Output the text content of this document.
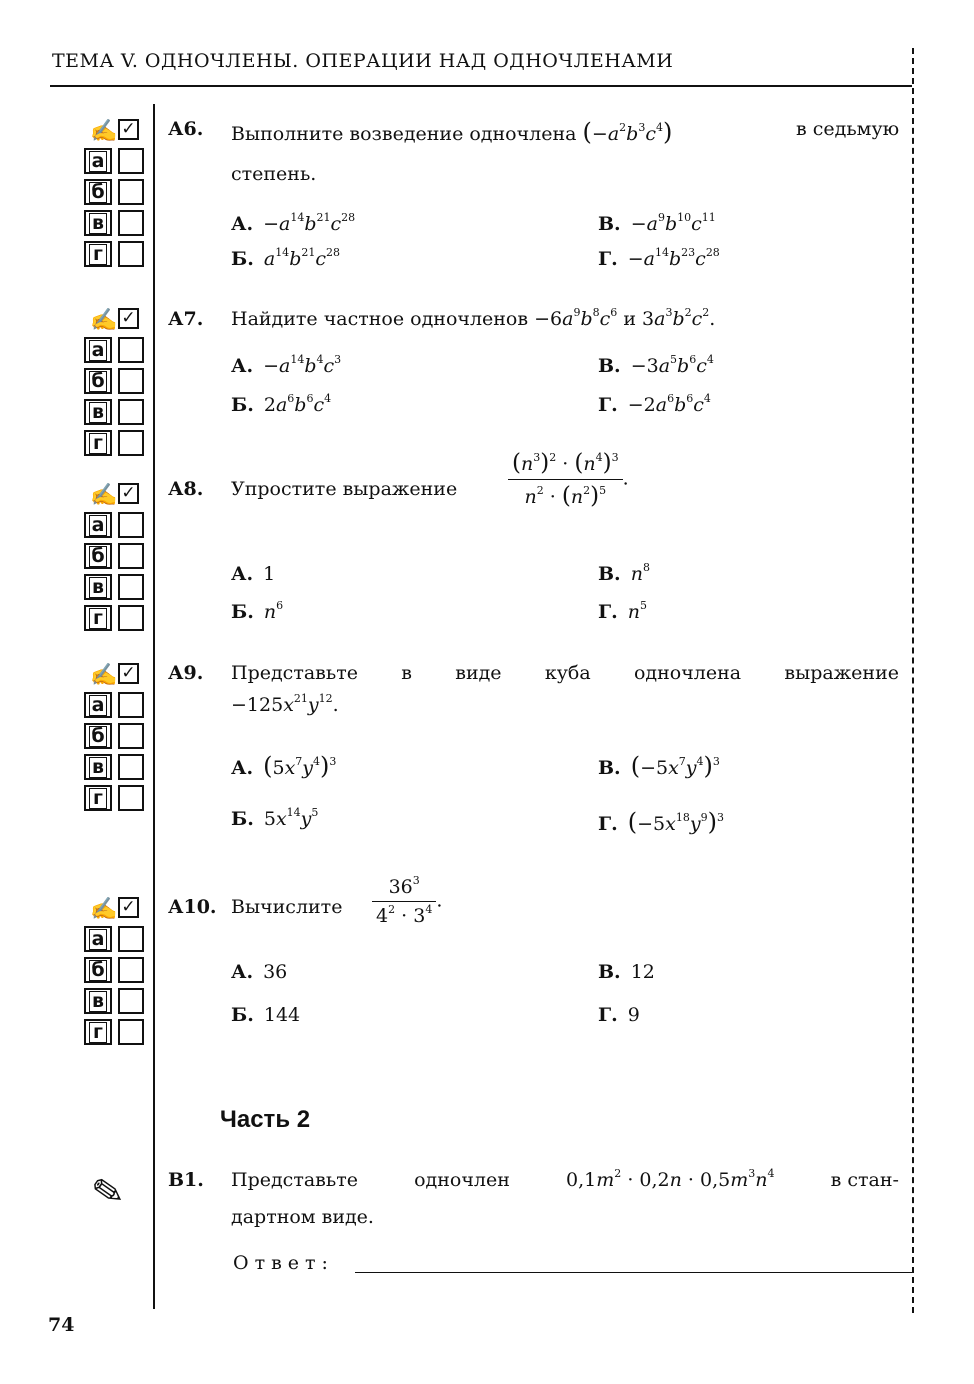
ТЕМА V. ОДНОЧЛЕНЫ. ОПЕРАЦИИ НАД ОДНОЧЛЕНАМИ
✍ ✓
а
б
в
г
✍ ✓
а
б
в
г
✍ ✓
а
б
в
г
✍ ✓
а
б
в
г
✍ ✓
а
б
в
г
А6. Выполните возведение одночлена $(-a^2b^3c^4)$	в седьмую
степень.
А. $-a^{14}b^{21}c^{28}$
Б. $a^{14}b^{21}c^{28}$
В. $-a^9b^{10}c^{11}$
Г. $-a^{14}b^{23}c^{28}$
А7. Найдите частное одночленов $-6a^9b^8c^6$ и $3a^3b^2c^2$.
А. $-a^{14}b^4c^3$
Б. $2a^6b^6c^4$
В. $-3a^5b^6c^4$
Г. $-2a^6b^6c^4$
А8. Упростите выражение $\frac{(n^3)^2 \cdot (n^4)^3}{n^2 \cdot (n^2)^5}$ .
А. 1
Б. $n^6$
В. $n^8$
Г. $n^5$
А9. Представьте в виде куба одночлена выражение
$-125x^{21}y^{12}$.
А. $(5x^7y^4)^3$
Б. $5x^{14}y^5$
В. $(-5x^7y^4)^3$
Г. $(-5x^{18}y^9)^3$
А10. Вычислите $\frac{36^3}{4^2 \cdot 3^4}$ .
А. 36
Б. 144
В. 12
Г. 9
Часть 2
✎ В1. Представьте	одночлен	$0,1m^2 \cdot 0,2n \cdot 0,5m^3n^4$	в стан-
дартном виде.
Ответ:
74
